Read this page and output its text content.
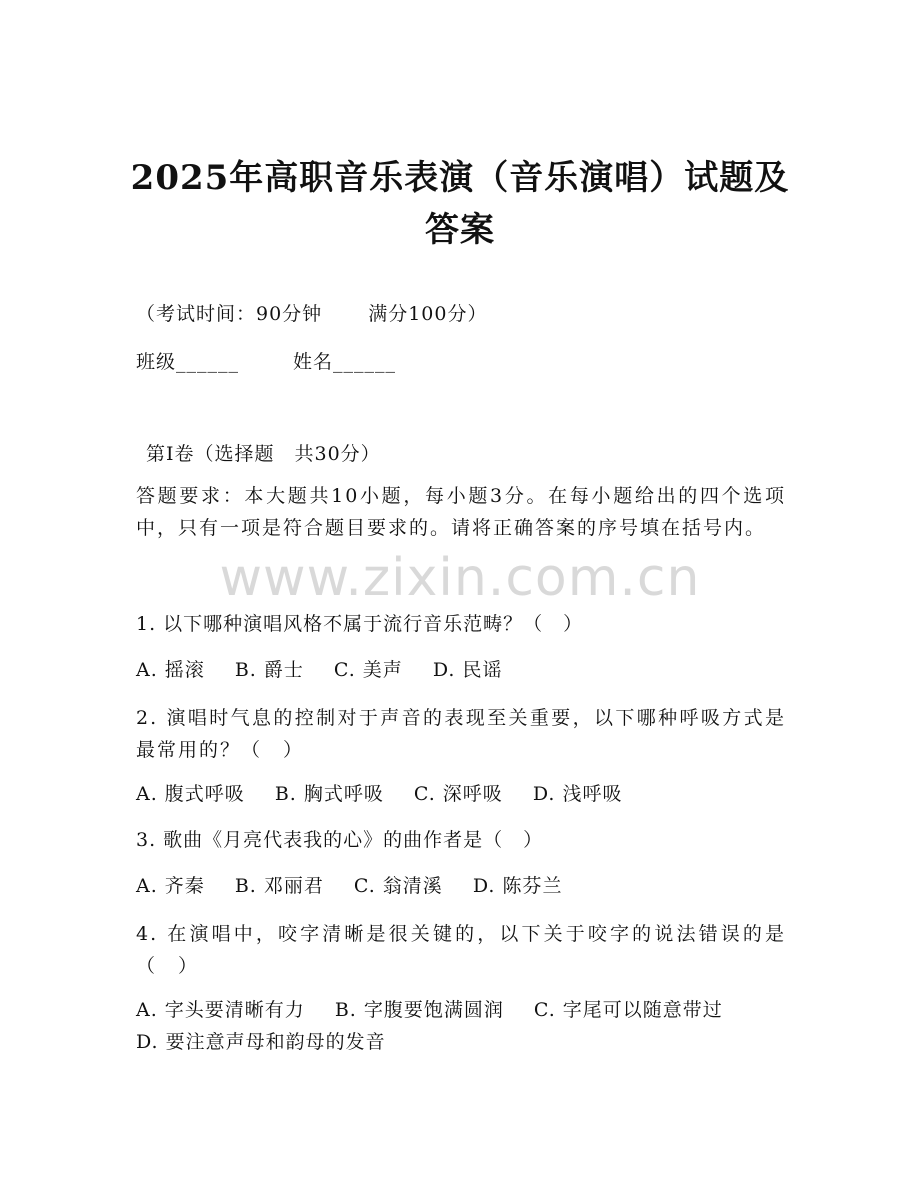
2025年高职音乐表演（音乐演唱）试题及答案
（考试时间：90分钟 满分100分）
班级______	姓名______
第I卷（选择题　共30分）
答题要求：本大题共10小题，每小题3分。在每小题给出的四个选项中，只有一项是符合题目要求的。请将正确答案的序号填在括号内。
www.zixin.com.cn
1. 以下哪种演唱风格不属于流行音乐范畴？（　）
A. 摇滚 B. 爵士 C. 美声 D. 民谣
2. 演唱时气息的控制对于声音的表现至关重要，以下哪种呼吸方式是最常用的？（　）
A. 腹式呼吸 B. 胸式呼吸 C. 深呼吸 D. 浅呼吸
3. 歌曲《月亮代表我的心》的曲作者是（　）
A. 齐秦 B. 邓丽君 C. 翁清溪 D. 陈芬兰
4. 在演唱中，咬字清晰是很关键的，以下关于咬字的说法错误的是（　）
A. 字头要清晰有力 B. 字腹要饱满圆润 C. 字尾可以随意带过
D. 要注意声母和韵母的发音
